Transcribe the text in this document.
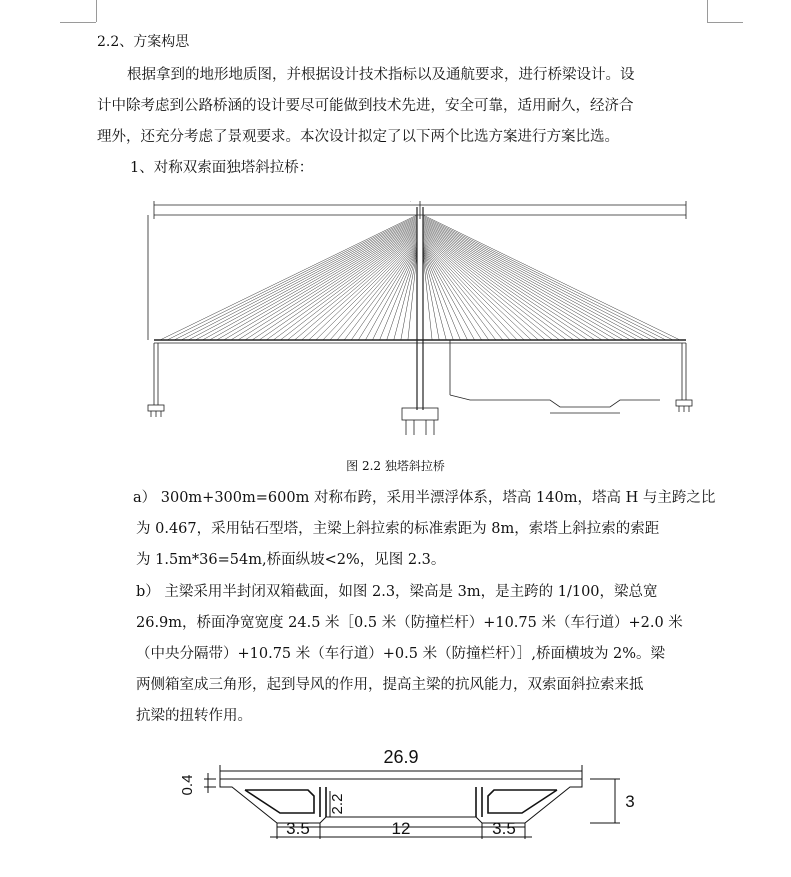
2.2、方案构思
根据拿到的地形地质图，并根据设计技术指标以及通航要求，进行桥梁设计。设
计中除考虑到公路桥涵的设计要尽可能做到技术先进，安全可靠，适用耐久，经济合
理外，还充分考虑了景观要求。本次设计拟定了以下两个比选方案进行方案比选。
1、对称双索面独塔斜拉桥：
·
图 2.2 独塔斜拉桥
a） 300m+300m=600m 对称布跨，采用半漂浮体系，塔高 140m，塔高 H 与主跨之比
为 0.467，采用钻石型塔，主梁上斜拉索的标准索距为 8m，索塔上斜拉索的索距
为 1.5m*36=54m,桥面纵坡<2%，见图 2.3。
b） 主梁采用半封闭双箱截面，如图 2.3，梁高是 3m，是主跨的 1/100，梁总宽
26.9m，桥面净宽宽度 24.5 米［0.5 米（防撞栏杆）+10.75 米（车行道）+2.0 米
（中央分隔带）+10.75 米（车行道）+0.5 米（防撞栏杆）］,桥面横坡为 2%。梁
两侧箱室成三角形，起到导风的作用，提高主梁的抗风能力，双索面斜拉索来抵
抗梁的扭转作用。
26.9
0.4
3
2.2
12
3.5	3.5
